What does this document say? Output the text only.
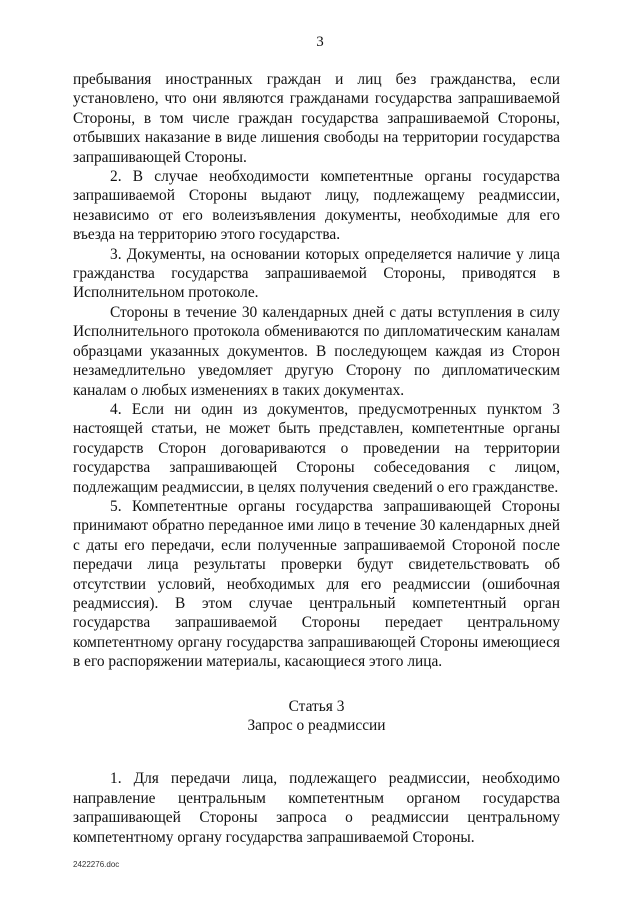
3

пребывания иностранных граждан и лиц без гражданства, если установлено, что они являются гражданами государства запрашиваемой Стороны, в том числе граждан государства запрашиваемой Стороны, отбывших наказание в виде лишения свободы на территории государства запрашивающей Стороны.

2. В случае необходимости компетентные органы государства запрашиваемой Стороны выдают лицу, подлежащему реадмиссии, независимо от его волеизъявления документы, необходимые для его въезда на территорию этого государства.

3. Документы, на основании которых определяется наличие у лица гражданства государства запрашиваемой Стороны, приводятся в Исполнительном протоколе.

Стороны в течение 30 календарных дней с даты вступления в силу Исполнительного протокола обмениваются по дипломатическим каналам образцами указанных документов. В последующем каждая из Сторон незамедлительно уведомляет другую Сторону по дипломатическим каналам о любых изменениях в таких документах.

4. Если ни один из документов, предусмотренных пунктом 3 настоящей статьи, не может быть представлен, компетентные органы государств Сторон договариваются о проведении на территории государства запрашивающей Стороны собеседования с лицом, подлежащим реадмиссии, в целях получения сведений о его гражданстве.

5. Компетентные органы государства запрашивающей Стороны принимают обратно переданное ими лицо в течение 30 календарных дней с даты его передачи, если полученные запрашиваемой Стороной после передачи лица результаты проверки будут свидетельствовать об отсутствии условий, необходимых для его реадмиссии (ошибочная реадмиссия). В этом случае центральный компетентный орган государства запрашиваемой Стороны передает центральному компетентному органу государства запрашивающей Стороны имеющиеся в его распоряжении материалы, касающиеся этого лица.

Статья 3
Запрос о реадмиссии

1. Для передачи лица, подлежащего реадмиссии, необходимо направление центральным компетентным органом государства запрашивающей Стороны запроса о реадмиссии центральному компетентному органу государства запрашиваемой Стороны.

2422276.doc
